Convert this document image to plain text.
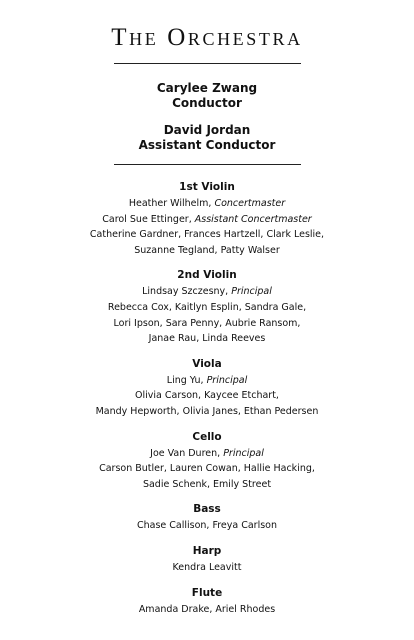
The Orchestra
Carylee Zwang
Conductor
David Jordan
Assistant Conductor
1st Violin
Heather Wilhelm, Concertmaster
Carol Sue Ettinger, Assistant Concertmaster
Catherine Gardner, Frances Hartzell, Clark Leslie,
Suzanne Tegland, Patty Walser
2nd Violin
Lindsay Szczesny, Principal
Rebecca Cox, Kaitlyn Esplin, Sandra Gale,
Lori Ipson, Sara Penny, Aubrie Ransom,
Janae Rau, Linda Reeves
Viola
Ling Yu, Principal
Olivia Carson, Kaycee Etchart,
Mandy Hepworth, Olivia Janes, Ethan Pedersen
Cello
Joe Van Duren, Principal
Carson Butler, Lauren Cowan, Hallie Hacking,
Sadie Schenk, Emily Street
Bass
Chase Callison, Freya Carlson
Harp
Kendra Leavitt
Flute
Amanda Drake, Ariel Rhodes
